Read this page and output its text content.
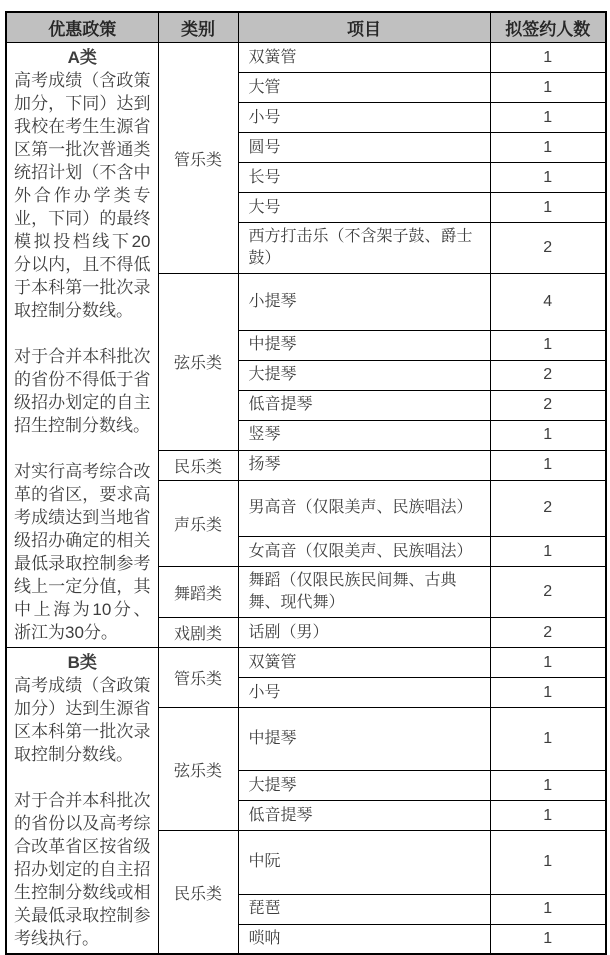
优惠政策	类别	项目	拟签约人数

A类

高考成绩（含政策加分，下同）达到我校在考生生源省区第一批次普通类统招计划（不含中外合作办学类专业，下同）的最终模拟投档线下20分以内，且不得低于本科第一批次录取控制分数线。

对于合并本科批次的省份不得低于省级招办划定的自主招生控制分数线。

对实行高考综合改革的省区，要求高考成绩达到当地省级招办确定的相关最低录取控制参考线上一定分值，其中上海为10分、浙江为30分。	管乐类	双簧管	1
		大管	1
		小号	1
		圆号	1
		长号	1
		大号	1
		西方打击乐（不含架子鼓、爵士鼓）	2
	弦乐类	小提琴	4
		中提琴	1
		大提琴	2
		低音提琴	2
		竖琴	1
	民乐类	扬琴	1
	声乐类	男高音（仅限美声、民族唱法）	2
		女高音（仅限美声、民族唱法）	1
	舞蹈类	舞蹈（仅限民族民间舞、古典舞、现代舞）	2
	戏剧类	话剧（男）	2

B类

高考成绩（含政策加分）达到生源省区本科第一批次录取控制分数线。

对于合并本科批次的省份以及高考综合改革省区按省级招办划定的自主招生控制分数线或相关最低录取控制参考线执行。	管乐类	双簧管	1
		小号	1
	弦乐类	中提琴	1
		大提琴	1
		低音提琴	1
	民乐类	中阮	1
		琵琶	1
		唢呐	1
